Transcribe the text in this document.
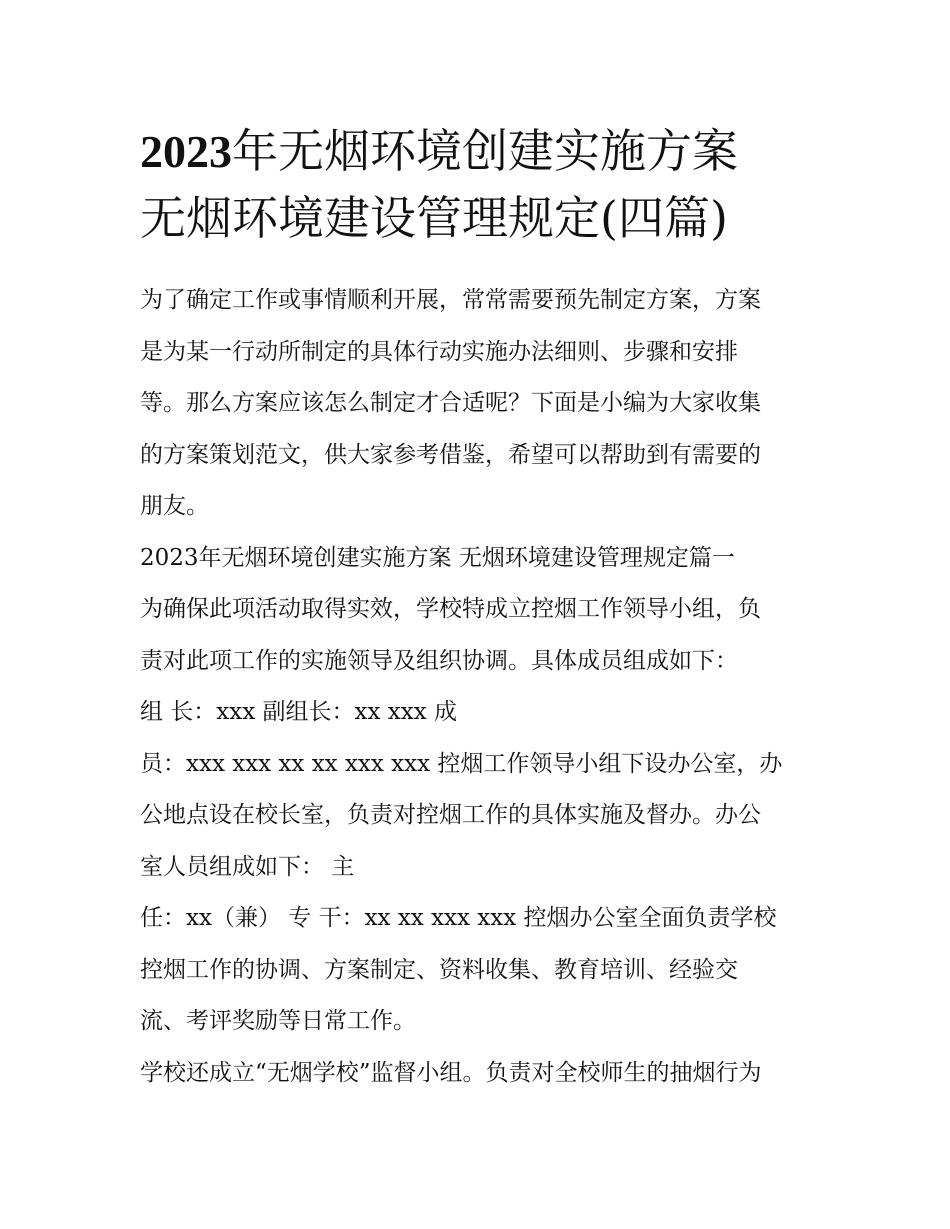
2023年无烟环境创建实施方案
无烟环境建设管理规定(四篇)

为了确定工作或事情顺利开展，常常需要预先制定方案，方案
是为某一行动所制定的具体行动实施办法细则、步骤和安排
等。那么方案应该怎么制定才合适呢？下面是小编为大家收集
的方案策划范文，供大家参考借鉴，希望可以帮助到有需要的
朋友。

2023年无烟环境创建实施方案 无烟环境建设管理规定篇一

为确保此项活动取得实效，学校特成立控烟工作领导小组，负
责对此项工作的实施领导及组织协调。具体成员组成如下：

组 长：xxx 副组长：xx xxx 成

员：xxx xxx xx xx xxx xxx 控烟工作领导小组下设办公室，办
公地点设在校长室，负责对控烟工作的具体实施及督办。办公
室人员组成如下： 主

任：xx（兼） 专 干：xx xx xxx xxx 控烟办公室全面负责学校
控烟工作的协调、方案制定、资料收集、教育培训、经验交
流、考评奖励等日常工作。

学校还成立“无烟学校”监督小组。负责对全校师生的抽烟行为
